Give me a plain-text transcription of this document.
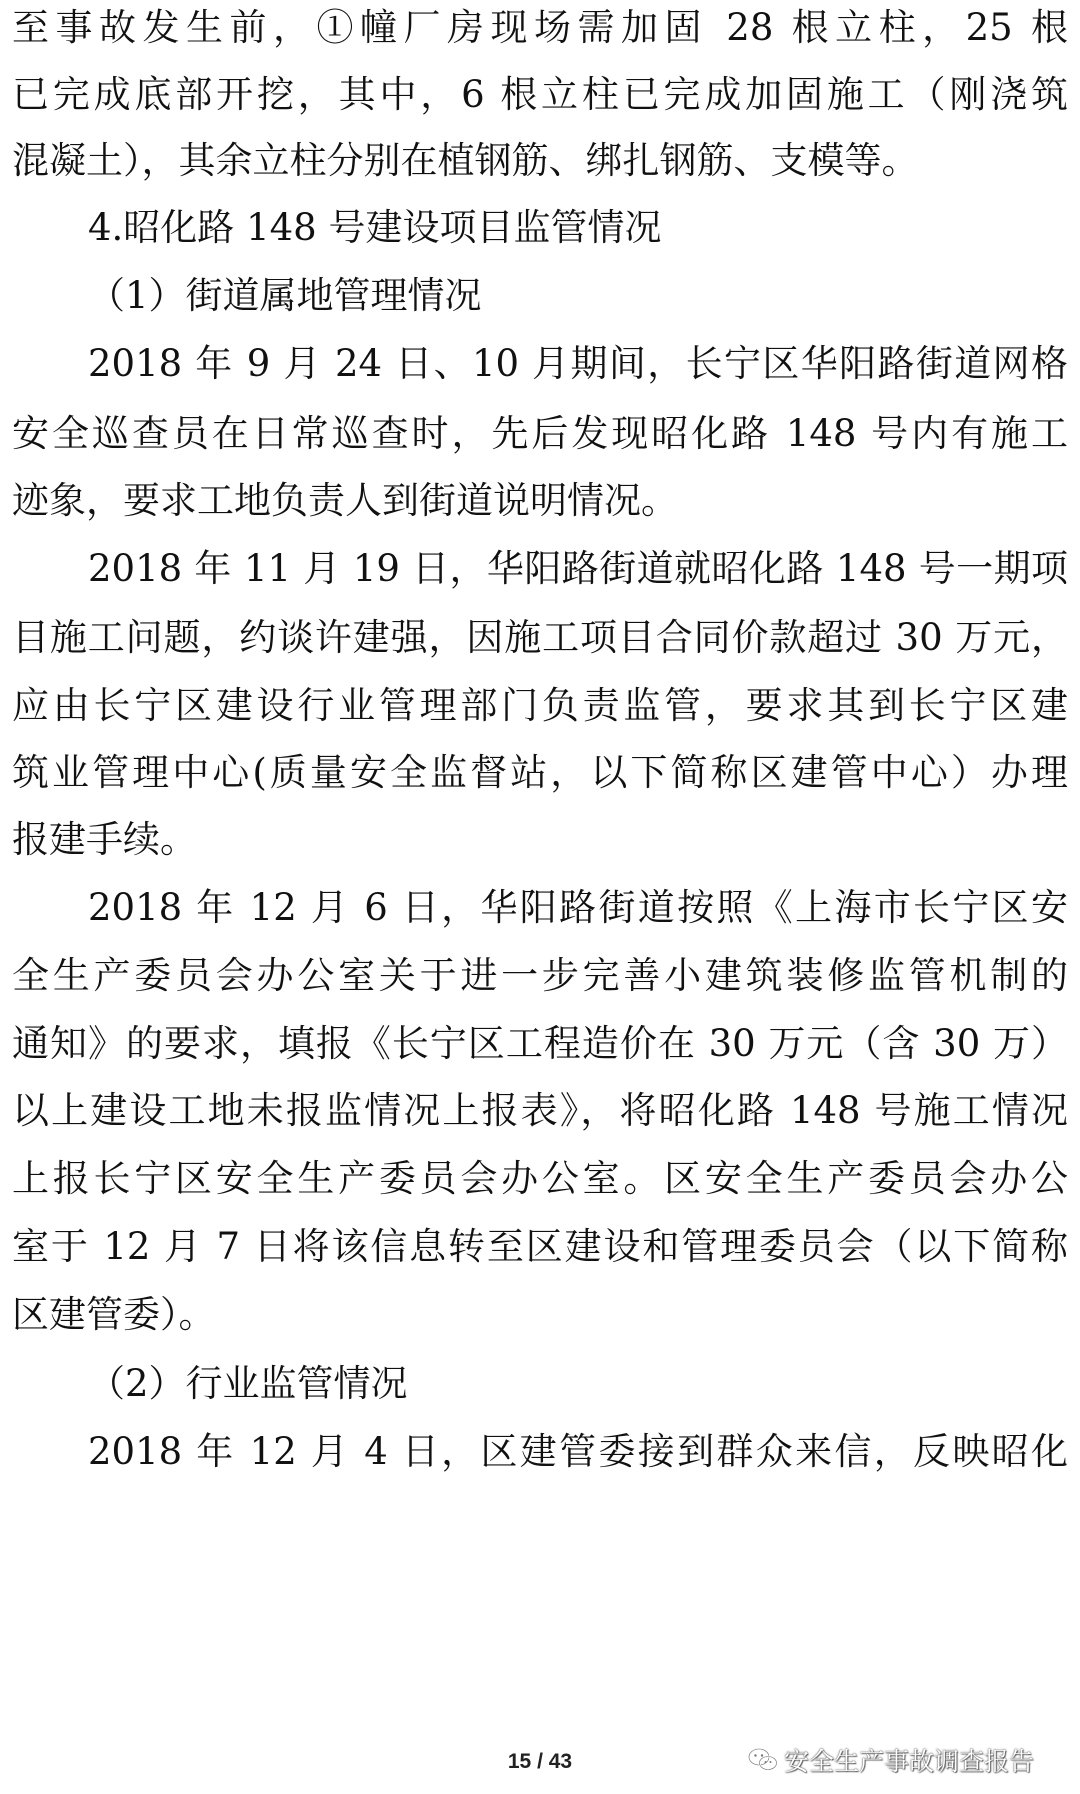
至事故发生前，①幢厂房现场需加固 28 根立柱，25 根
已完成底部开挖，其中，6 根立柱已完成加固施工（刚浇筑
混凝土），其余立柱分别在植钢筋、绑扎钢筋、支模等。
4.昭化路 148 号建设项目监管情况
（1）街道属地管理情况
2018 年 9 月 24 日、10 月期间，长宁区华阳路街道网格
安全巡查员在日常巡查时，先后发现昭化路 148 号内有施工
迹象，要求工地负责人到街道说明情况。
2018 年 11 月 19 日，华阳路街道就昭化路 148 号一期项
目施工问题，约谈许建强，因施工项目合同价款超过 30 万元，
应由长宁区建设行业管理部门负责监管，要求其到长宁区建
筑业管理中心(质量安全监督站，以下简称区建管中心）办理
报建手续。
2018 年 12 月 6 日，华阳路街道按照《上海市长宁区安
全生产委员会办公室关于进一步完善小建筑装修监管机制的
通知》的要求，填报《长宁区工程造价在 30 万元（含 30 万）
以上建设工地未报监情况上报表》，将昭化路 148 号施工情况
上报长宁区安全生产委员会办公室。区安全生产委员会办公
室于 12 月 7 日将该信息转至区建设和管理委员会（以下简称
区建管委）。
（2）行业监管情况
2018 年 12 月 4 日，区建管委接到群众来信，反映昭化
15 / 43	安全生产事故调查报告
